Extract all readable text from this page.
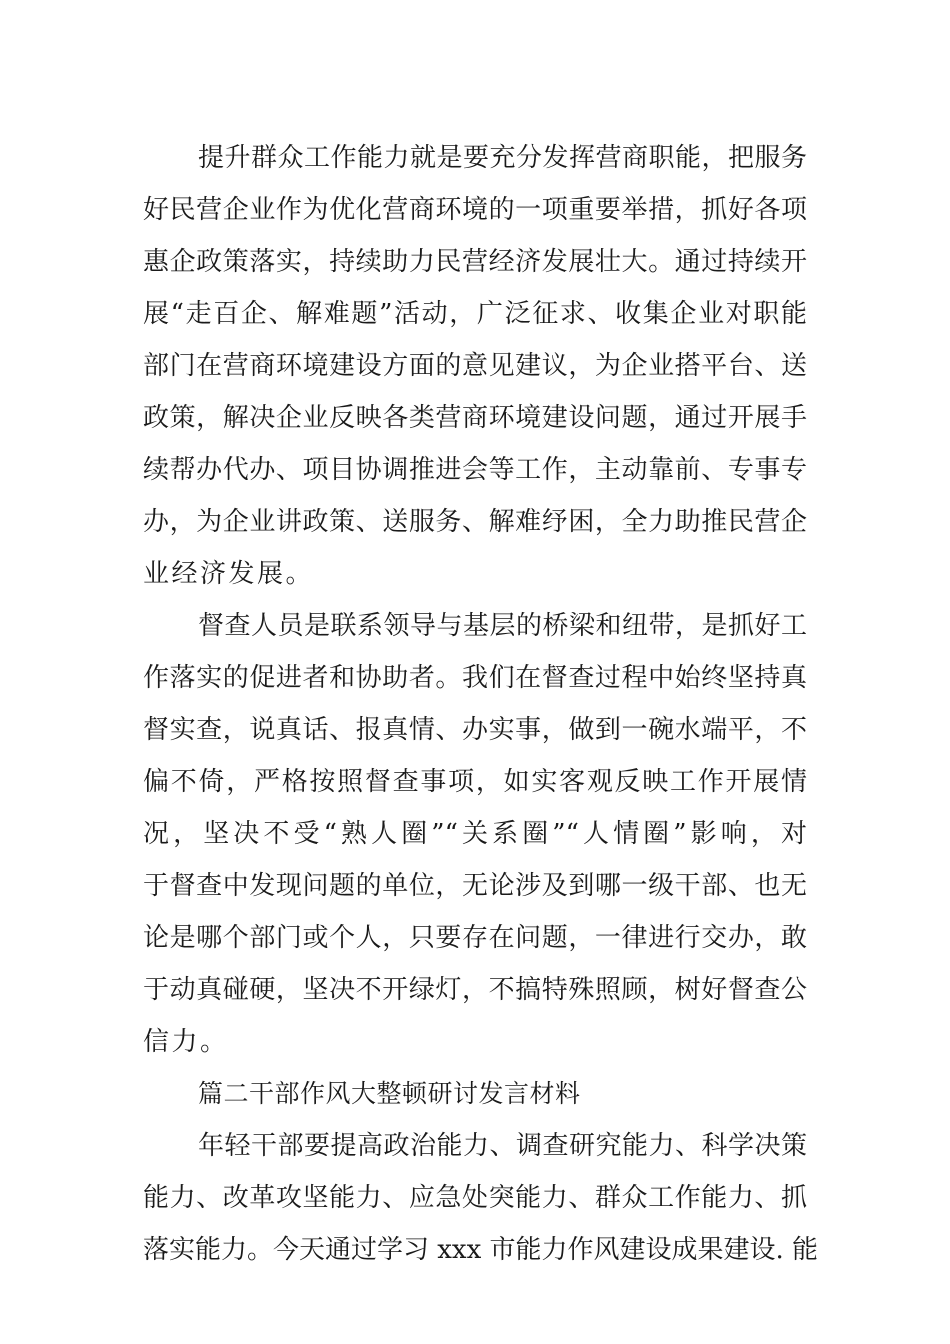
提升群众工作能力就是要充分发挥营商职能，把服务
好民营企业作为优化营商环境的一项重要举措，抓好各项
惠企政策落实，持续助力民营经济发展壮大。通过持续开
展“走百企、解难题”活动，广泛征求、收集企业对职能
部门在营商环境建设方面的意见建议，为企业搭平台、送
政策，解决企业反映各类营商环境建设问题，通过开展手
续帮办代办、项目协调推进会等工作，主动靠前、专事专
办，为企业讲政策、送服务、解难纾困，全力助推民营企
业经济发展。
督查人员是联系领导与基层的桥梁和纽带，是抓好工
作落实的促进者和协助者。我们在督查过程中始终坚持真
督实查，说真话、报真情、办实事，做到一碗水端平，不
偏不倚，严格按照督查事项，如实客观反映工作开展情
况，坚决不受“熟人圈”“关系圈”“人情圈”影响，对
于督查中发现问题的单位，无论涉及到哪一级干部、也无
论是哪个部门或个人，只要存在问题，一律进行交办，敢
于动真碰硬，坚决不开绿灯，不搞特殊照顾，树好督查公
信力。
篇二干部作风大整顿研讨发言材料
年轻干部要提高政治能力、调查研究能力、科学决策
能力、改革攻坚能力、应急处突能力、群众工作能力、抓
落实能力。今天通过学习 xxx 市能力作风建设成果建设. 能
